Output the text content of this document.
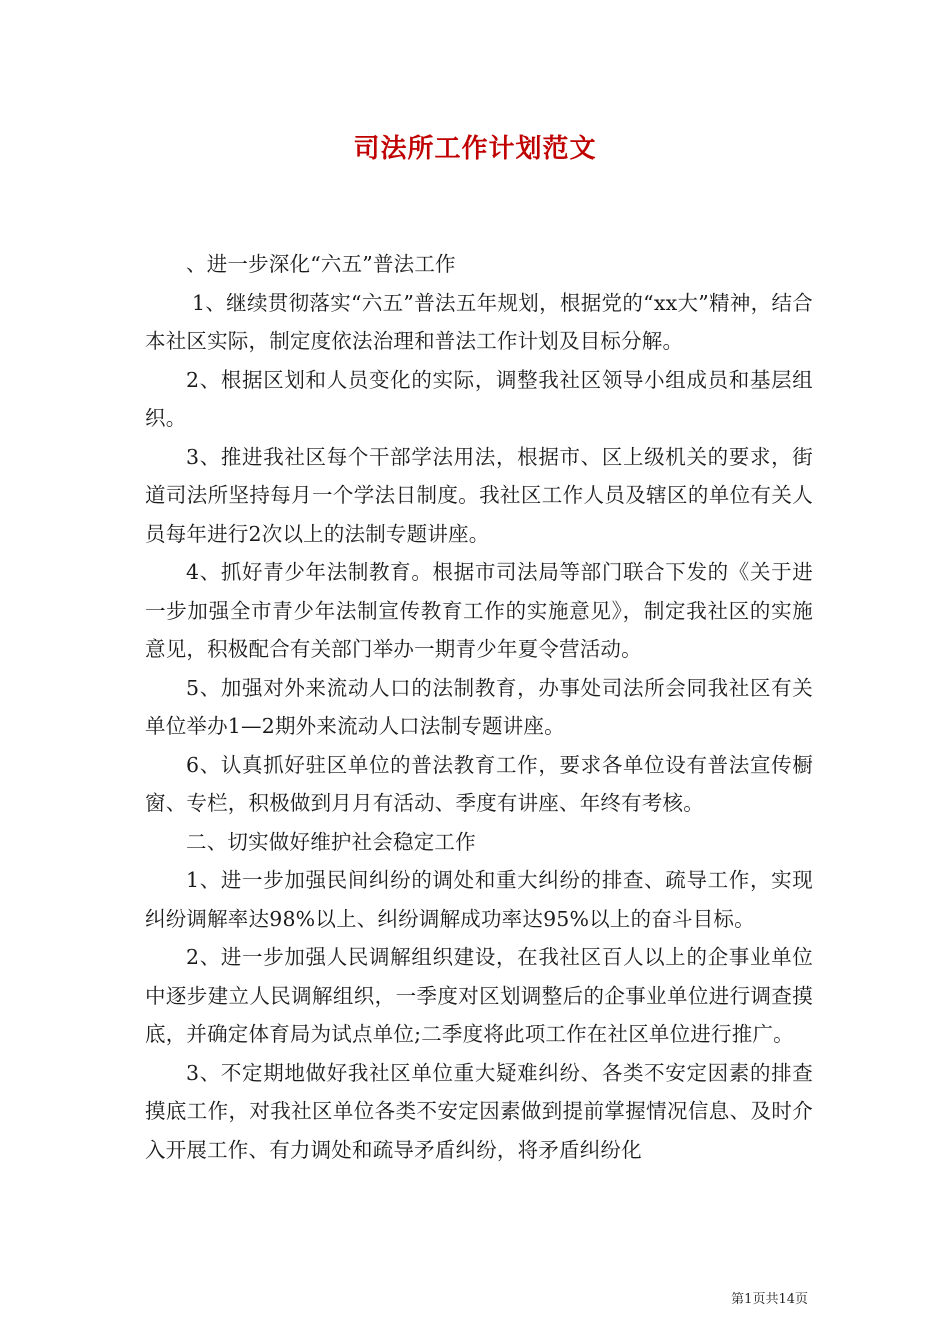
司法所工作计划范文

、进一步深化“六五”普法工作

1、继续贯彻落实“六五”普法五年规划，根据党的“xx大”精神，结合本社区实际，制定度依法治理和普法工作计划及目标分解。

2、根据区划和人员变化的实际，调整我社区领导小组成员和基层组织。

3、推进我社区每个干部学法用法，根据市、区上级机关的要求，街道司法所坚持每月一个学法日制度。我社区工作人员及辖区的单位有关人员每年进行2次以上的法制专题讲座。

4、抓好青少年法制教育。根据市司法局等部门联合下发的《关于进一步加强全市青少年法制宣传教育工作的实施意见》，制定我社区的实施意见，积极配合有关部门举办一期青少年夏令营活动。

5、加强对外来流动人口的法制教育，办事处司法所会同我社区有关单位举办1—2期外来流动人口法制专题讲座。

6、认真抓好驻区单位的普法教育工作，要求各单位设有普法宣传橱窗、专栏，积极做到月月有活动、季度有讲座、年终有考核。

二、切实做好维护社会稳定工作

1、进一步加强民间纠纷的调处和重大纠纷的排查、疏导工作，实现纠纷调解率达98%以上、纠纷调解成功率达95%以上的奋斗目标。

2、进一步加强人民调解组织建设，在我社区百人以上的企事业单位中逐步建立人民调解组织，一季度对区划调整后的企事业单位进行调查摸底，并确定体育局为试点单位;二季度将此项工作在社区单位进行推广。

3、不定期地做好我社区单位重大疑难纠纷、各类不安定因素的排查摸底工作，对我社区单位各类不安定因素做到提前掌握情况信息、及时介入开展工作、有力调处和疏导矛盾纠纷，将矛盾纠纷化

第1页共14页
